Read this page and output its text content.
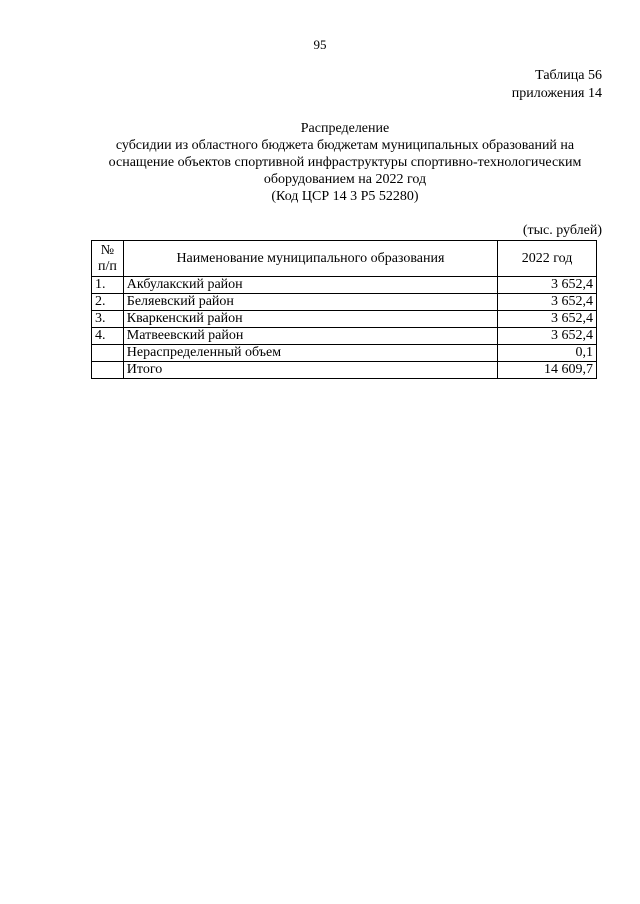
95
Таблица 56
приложения 14
Распределение
субсидии из областного бюджета бюджетам муниципальных образований на
оснащение объектов спортивной инфраструктуры спортивно-технологическим
оборудованием на 2022 год
(Код ЦСР 14 3 P5 52280)
(тыс. рублей)
№
п/п	Наименование муниципального образования	2022 год
1.	Акбулакский район	3 652,4
2.	Беляевский район	3 652,4
3.	Кваркенский район	3 652,4
4.	Матвеевский район	3 652,4
	Нераспределенный объем	0,1
	Итого	14 609,7
